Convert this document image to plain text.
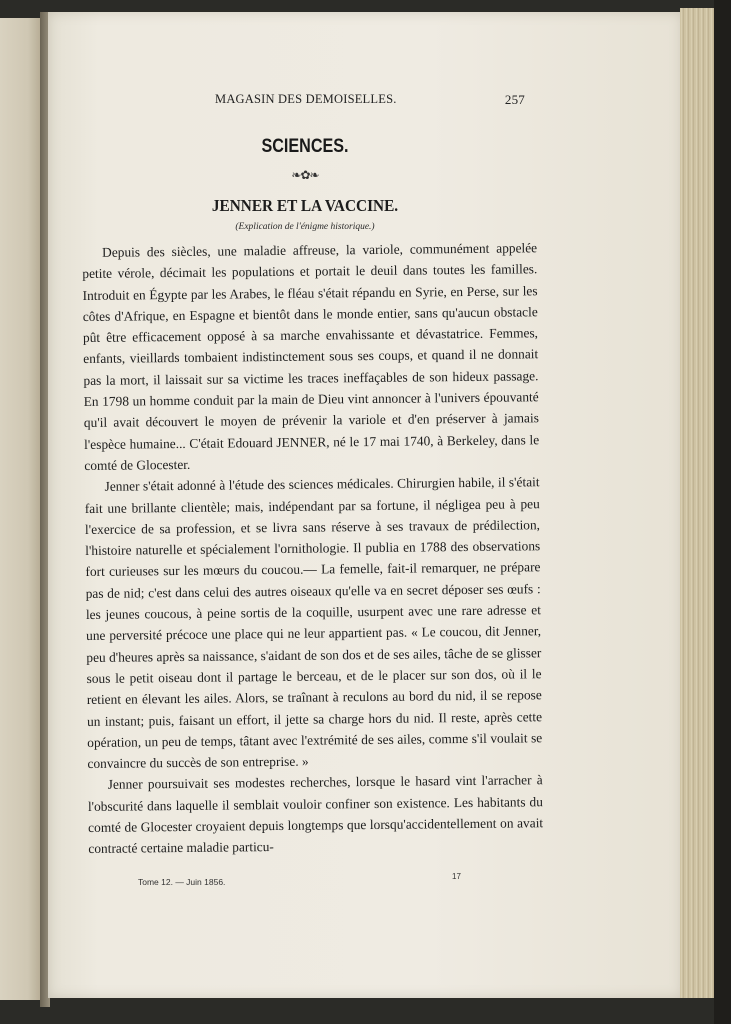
MAGASIN DES DEMOISELLES.	257
SCIENCES.
❧✿❧
JENNER ET LA VACCINE.
(Explication de l'énigme historique.)

Depuis des siècles, une maladie affreuse, la variole, communément appelée petite vérole, décimait les populations et portait le deuil dans toutes les familles. Introduit en Égypte par les Arabes, le fléau s'était répandu en Syrie, en Perse, sur les côtes d'Afrique, en Espagne et bientôt dans le monde entier, sans qu'aucun obstacle pût être efficacement opposé à sa marche envahissante et dévastatrice. Femmes, enfants, vieillards tombaient indistinctement sous ses coups, et quand il ne donnait pas la mort, il laissait sur sa victime les traces ineffaçables de son hideux passage. En 1798 un homme conduit par la main de Dieu vint annoncer à l'univers épouvanté qu'il avait découvert le moyen de prévenir la variole et d'en préserver à jamais l'espèce humaine... C'était Edouard JENNER, né le 17 mai 1740, à Berkeley, dans le comté de Glocester.

Jenner s'était adonné à l'étude des sciences médicales. Chirurgien habile, il s'était fait une brillante clientèle; mais, indépendant par sa fortune, il négligea peu à peu l'exercice de sa profession, et se livra sans réserve à ses travaux de prédilection, l'histoire naturelle et spécialement l'ornithologie. Il publia en 1788 des observations fort curieuses sur les mœurs du coucou.— La femelle, fait-il remarquer, ne prépare pas de nid; c'est dans celui des autres oiseaux qu'elle va en secret déposer ses œufs : les jeunes coucous, à peine sortis de la coquille, usurpent avec une rare adresse et une perversité précoce une place qui ne leur appartient pas. « Le coucou, dit Jenner, peu d'heures après sa naissance, s'aidant de son dos et de ses ailes, tâche de se glisser sous le petit oiseau dont il partage le berceau, et de le placer sur son dos, où il le retient en élevant les ailes. Alors, se traînant à reculons au bord du nid, il se repose un instant; puis, faisant un effort, il jette sa charge hors du nid. Il reste, après cette opération, un peu de temps, tâtant avec l'extrémité de ses ailes, comme s'il voulait se convaincre du succès de son entreprise. »

Jenner poursuivait ses modestes recherches, lorsque le hasard vint l'arracher à l'obscurité dans laquelle il semblait vouloir confiner son existence. Les habitants du comté de Glocester croyaient depuis longtemps que lorsqu'accidentellement on avait contracté certaine maladie particu-

Tome 12. — Juin 1856.
17
